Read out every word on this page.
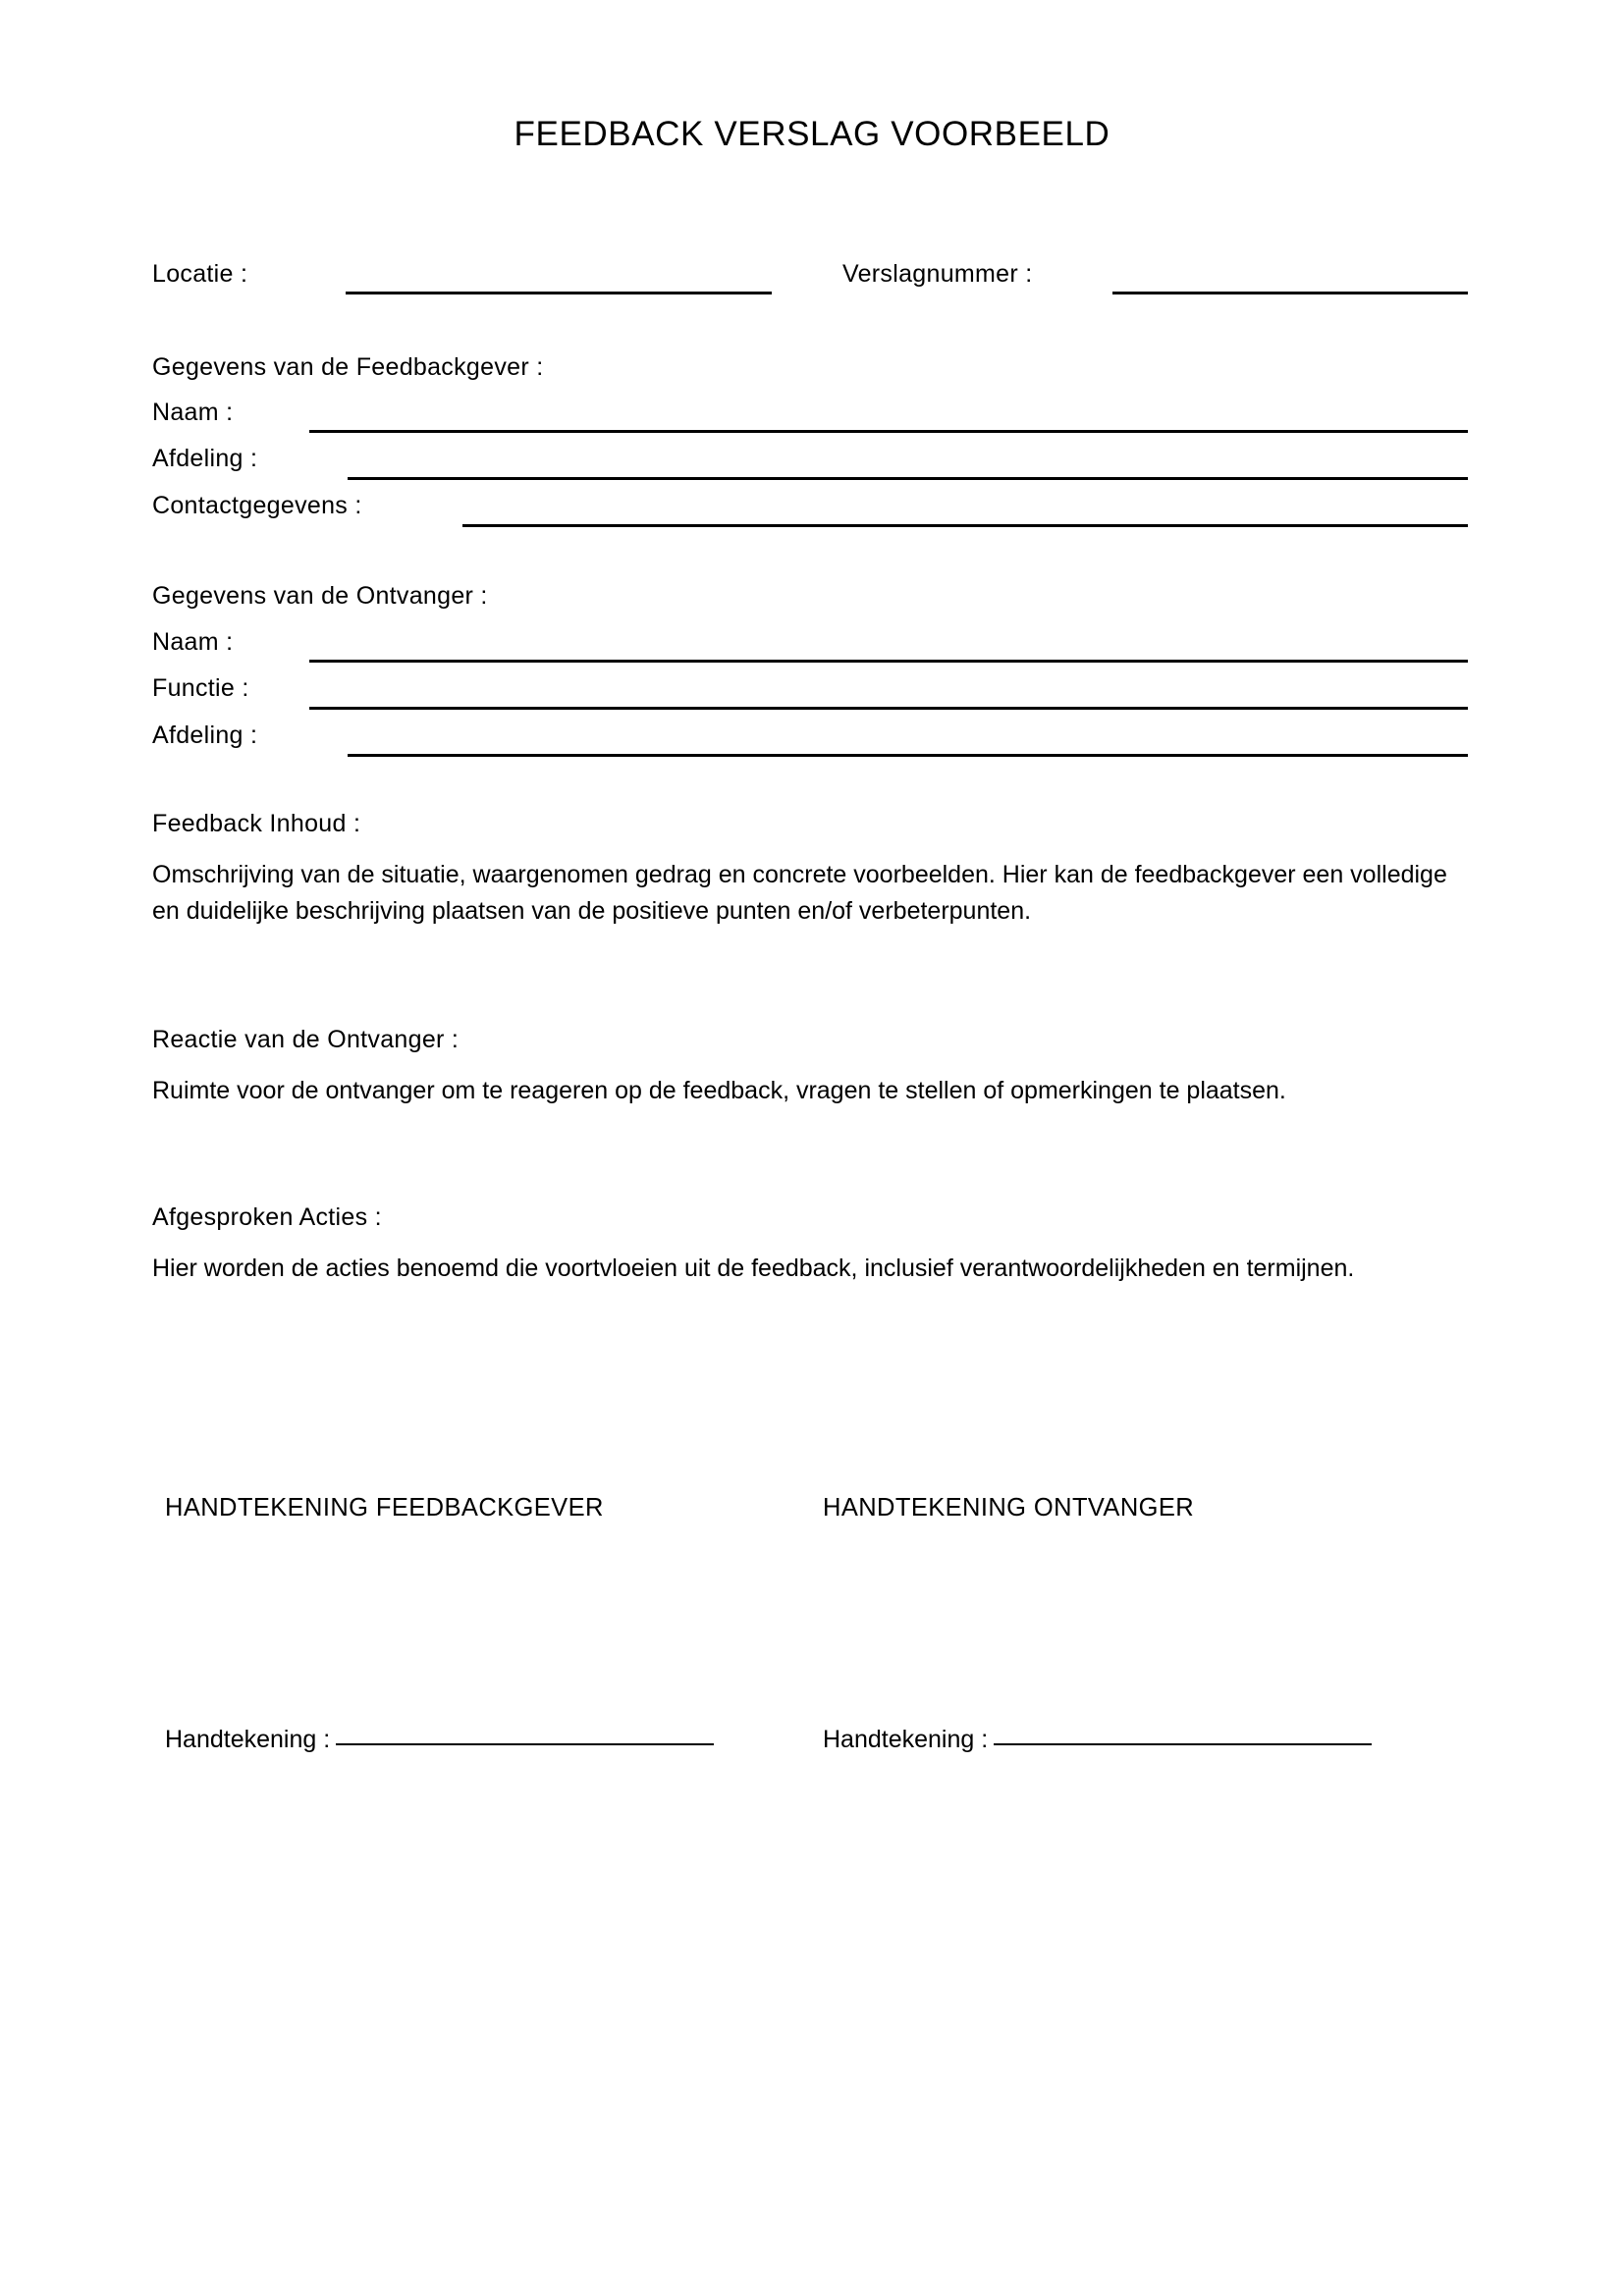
FEEDBACK VERSLAG VOORBEELD
Locatie :	Verslagnummer :
Gegevens van de Feedbackgever :
Naam :
Afdeling :
Contactgegevens :
Gegevens van de Ontvanger :
Naam :
Functie :
Afdeling :
Feedback Inhoud :
Omschrijving van de situatie, waargenomen gedrag en concrete voorbeelden. Hier kan de feedbackgever een volledige en duidelijke beschrijving plaatsen van de positieve punten en/of verbeterpunten.
Reactie van de Ontvanger :
Ruimte voor de ontvanger om te reageren op de feedback, vragen te stellen of opmerkingen te plaatsen.
Afgesproken Acties :
Hier worden de acties benoemd die voortvloeien uit de feedback, inclusief verantwoordelijkheden en termijnen.
HANDTEKENING FEEDBACKGEVER	HANDTEKENING ONTVANGER
Handtekening :	Handtekening :
